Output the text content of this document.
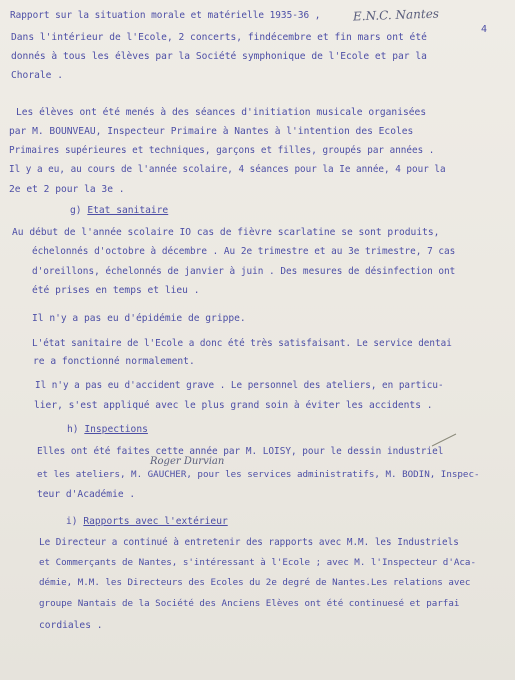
Rapport sur la situation morale et matérielle 1935-36 ,	E.N.C. Nantes
4
Dans l'intérieur de l'Ecole, 2 concerts, findécembre et fin mars ont été
donnés à tous les élèves par la Société symphonique de l'Ecole et par la
Chorale .
Les élèves ont été menés à des séances d'initiation musicale organisées
par M. BOUNVEAU, Inspecteur Primaire à Nantes à l'intention des Ecoles
Primaires supérieures et techniques, garçons et filles, groupés par années .
Il y a eu, au cours de l'année scolaire, 4 séances pour la Ie année, 4 pour la
2e et 2 pour la 3e .
g) Etat sanitaire
Au début de l'année scolaire IO cas de fièvre scarlatine se sont produits,
échelonnés d'octobre à décembre . Au 2e trimestre et au 3e trimestre, 7 cas
d'oreillons, échelonnés de janvier à juin . Des mesures de désinfection ont
été prises en temps et lieu .
Il n'y a pas eu d'épidémie de grippe.
L'état sanitaire de l'Ecole a donc été très satisfaisant. Le service dentai
re a fonctionné normalement.
Il n'y a pas eu d'accident grave . Le personnel des ateliers, en particu-
lier, s'est appliqué avec le plus grand soin à éviter les accidents .
h) Inspections
Elles ont été faites cette année par M. LOISY, pour le dessin industriel
Roger Durvian
et les ateliers, M. GAUCHER, pour les services administratifs, M. BODIN, Inspec-
teur d'Académie .
i) Rapports avec l'extérieur
Le Directeur a continué à entretenir des rapports avec M.M. les Industriels
et Commerçants de Nantes, s'intéressant à l'Ecole ; avec M. l'Inspecteur d'Aca-
démie, M.M. les Directeurs des Ecoles du 2e degré de Nantes.Les relations avec
groupe Nantais de la Société des Anciens Elèves ont été continuesé et parfai
cordiales .
